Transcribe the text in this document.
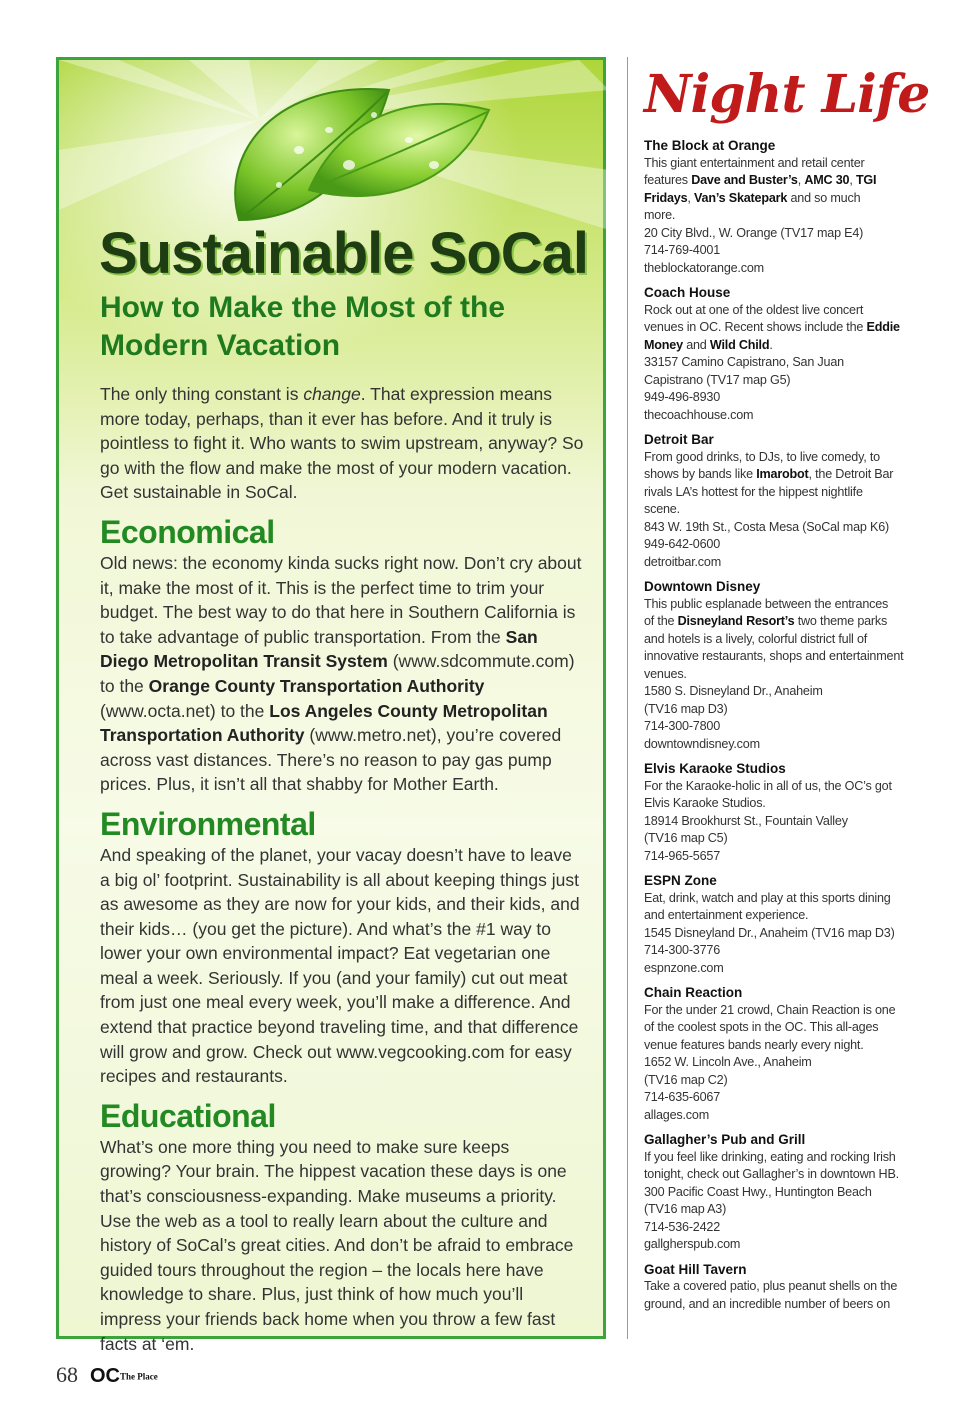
Sustainable SoCal
How to Make the Most of the Modern Vacation

The only thing constant is change. That expression means more today, perhaps, than it ever has before. And it truly is pointless to fight it. Who wants to swim upstream, anyway? So go with the flow and make the most of your modern vacation. Get sustainable in SoCal.

Economical

Old news: the economy kinda sucks right now. Don’t cry about it, make the most of it. This is the perfect time to trim your budget. The best way to do that here in Southern California is to take advantage of public transportation. From the San Diego Metropolitan Transit System (www.sdcommute.com) to the Orange County Transportation Authority (www.octa.net) to the Los Angeles County Metropolitan Transportation Authority (www.metro.net), you’re covered across vast distances. There’s no reason to pay gas pump prices. Plus, it isn’t all that shabby for Mother Earth.

Environmental

And speaking of the planet, your vacay doesn’t have to leave a big ol’ footprint. Sustainability is all about keeping things just as awesome as they are now for your kids, and their kids, and their kids… (you get the picture). And what’s the #1 way to lower your own environmental impact? Eat vegetarian one meal a week. Seriously. If you (and your family) cut out meat from just one meal every week, you’ll make a difference. And extend that practice beyond traveling time, and that difference will grow and grow. Check out www.vegcooking.com for easy recipes and restaurants.

Educational

What’s one more thing you need to make sure keeps growing? Your brain. The hippest vacation these days is one that’s consciousness-expanding. Make museums a priority. Use the web as a tool to really learn about the culture and history of SoCal’s great cities. And don’t be afraid to embrace guided tours throughout the region – the locals here have knowledge to share. Plus, just think of how much you’ll impress your friends back home when you throw a few fast facts at ‘em.

Night Life
The Block at Orange
This giant entertainment and retail center
features Dave and Buster’s, AMC 30, TGI
Fridays, Van’s Skatepark and so much
more.
20 City Blvd., W. Orange (TV17 map E4)
714-769-4001
theblockatorange.com
Coach House
Rock out at one of the oldest live concert
venues in OC. Recent shows include the Eddie
Money and Wild Child.
33157 Camino Capistrano, San Juan
Capistrano (TV17 map G5)
949-496-8930
thecoachhouse.com
Detroit Bar
From good drinks, to DJs, to live comedy, to
shows by bands like Imarobot, the Detroit Bar
rivals LA’s hottest for the hippest nightlife
scene.
843 W. 19th St., Costa Mesa (SoCal map K6)
949-642-0600
detroitbar.com
Downtown Disney
This public esplanade between the entrances
of the Disneyland Resort’s two theme parks
and hotels is a lively, colorful district full of
innovative restaurants, shops and entertainment
venues.
1580 S. Disneyland Dr., Anaheim
(TV16 map D3)
714-300-7800
downtowndisney.com
Elvis Karaoke Studios
For the Karaoke-holic in all of us, the OC’s got
Elvis Karaoke Studios.
18914 Brookhurst St., Fountain Valley
(TV16 map C5)
714-965-5657
ESPN Zone
Eat, drink, watch and play at this sports dining
and entertainment experience.
1545 Disneyland Dr., Anaheim (TV16 map D3)
714-300-3776
espnzone.com
Chain Reaction
For the under 21 crowd, Chain Reaction is one
of the coolest spots in the OC. This all-ages
venue features bands nearly every night.
1652 W. Lincoln Ave., Anaheim
(TV16 map C2)
714-635-6067
allages.com
Gallagher’s Pub and Grill
If you feel like drinking, eating and rocking Irish
tonight, check out Gallagher’s in downtown HB.
300 Pacific Coast Hwy., Huntington Beach
(TV16 map A3)
714-536-2422
gallgherspub.com
Goat Hill Tavern
Take a covered patio, plus peanut shells on the
ground, and an incredible number of beers on

68 OCThe Place
